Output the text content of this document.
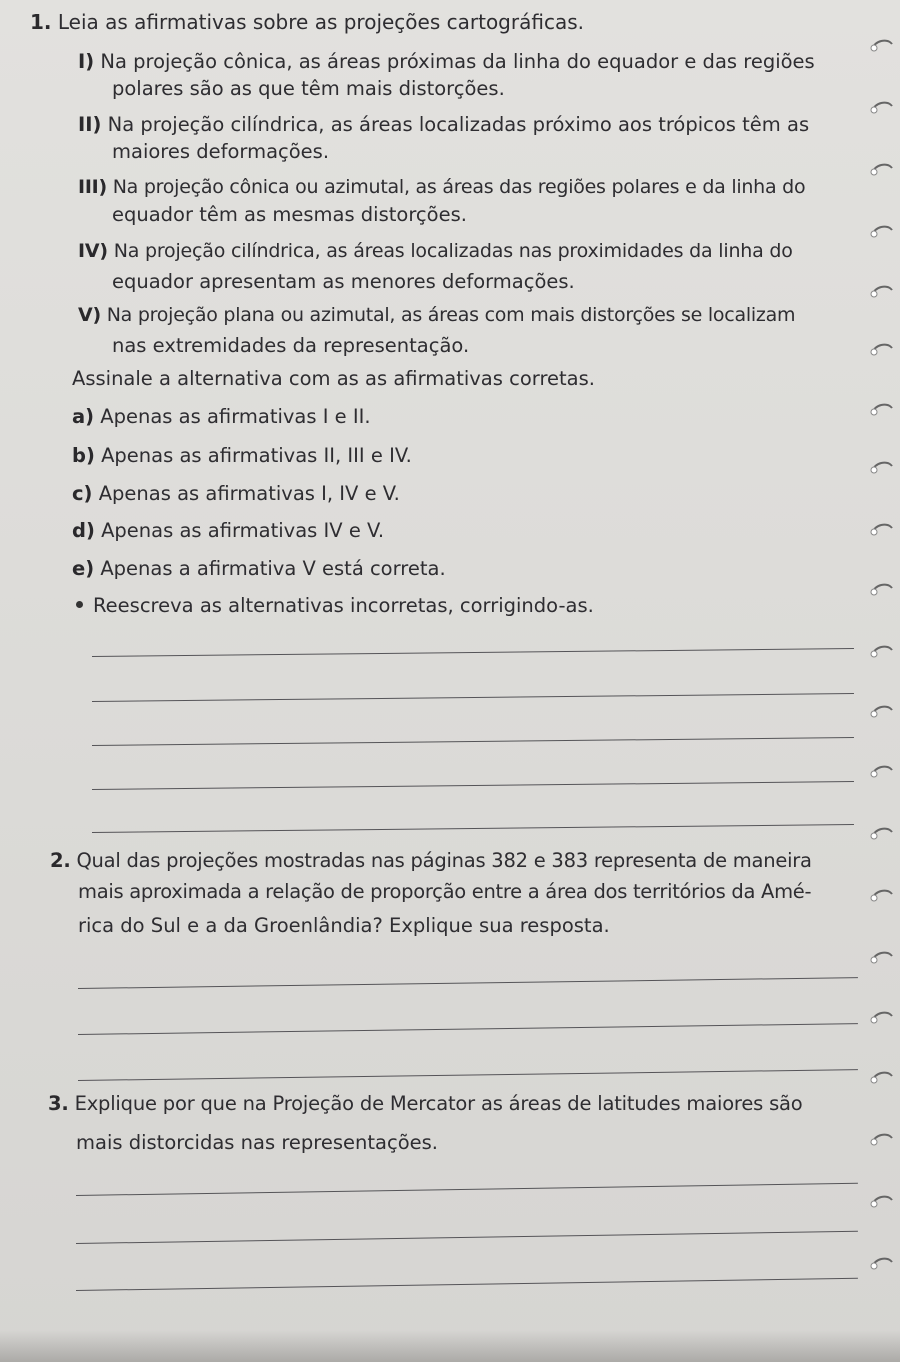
1. Leia as afirmativas sobre as projeções cartográficas.
I) Na projeção cônica, as áreas próximas da linha do equador e das regiões
polares são as que têm mais distorções.
II) Na projeção cilíndrica, as áreas localizadas próximo aos trópicos têm as
maiores deformações.
III) Na projeção cônica ou azimutal, as áreas das regiões polares e da linha do
equador têm as mesmas distorções.
IV) Na projeção cilíndrica, as áreas localizadas nas proximidades da linha do
equador apresentam as menores deformações.
V) Na projeção plana ou azimutal, as áreas com mais distorções se localizam
nas extremidades da representação.
Assinale a alternativa com as as afirmativas corretas.
a) Apenas as afirmativas I e II.
b) Apenas as afirmativas II, III e IV.
c) Apenas as afirmativas I, IV e V.
d) Apenas as afirmativas IV e V.
e) Apenas a afirmativa V está correta.
Reescreva as alternativas incorretas, corrigindo-as.
2. Qual das projeções mostradas nas páginas 382 e 383 representa de maneira
mais aproximada a relação de proporção entre a área dos territórios da Amé-
rica do Sul e a da Groenlândia? Explique sua resposta.
3. Explique por que na Projeção de Mercator as áreas de latitudes maiores são
mais distorcidas nas representações.
